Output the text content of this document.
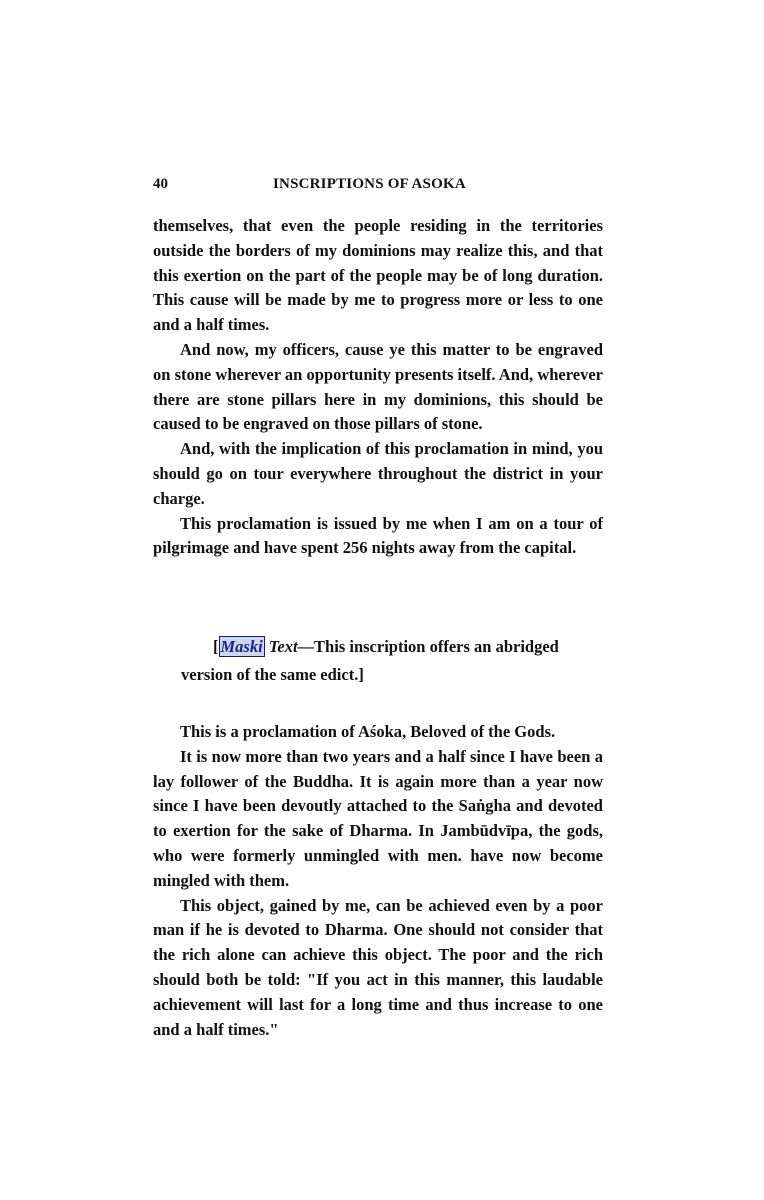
40	INSCRIPTIONS OF ASOKA

themselves, that even the people residing in the territories outside the borders of my dominions may realize this, and that this exertion on the part of the people may be of long duration. This cause will be made by me to progress more or less to one and a half times.

And now, my officers, cause ye this matter to be engraved on stone wherever an opportunity presents itself. And, wherever there are stone pillars here in my dominions, this should be caused to be engraved on those pillars of stone.

And, with the implication of this proclamation in mind, you should go on tour everywhere throughout the district in your charge.

This proclamation is issued by me when I am on a tour of pilgrimage and have spent 256 nights away from the capital.

[ Maski Text—This inscription offers an abridged
version of the same edict.]

This is a proclamation of Aśoka, Beloved of the Gods.

It is now more than two years and a half since I have been a lay follower of the Buddha. It is again more than a year now since I have been devoutly attached to the Saṅgha and devoted to exertion for the sake of Dharma. In Jambūdvīpa, the gods, who were formerly unmingled with men. have now become mingled with them.

This object, gained by me, can be achieved even by a poor man if he is devoted to Dharma. One should not consider that the rich alone can achieve this object. The poor and the rich should both be told: "If you act in this manner, this laudable achievement will last for a long time and thus increase to one and a half times."
